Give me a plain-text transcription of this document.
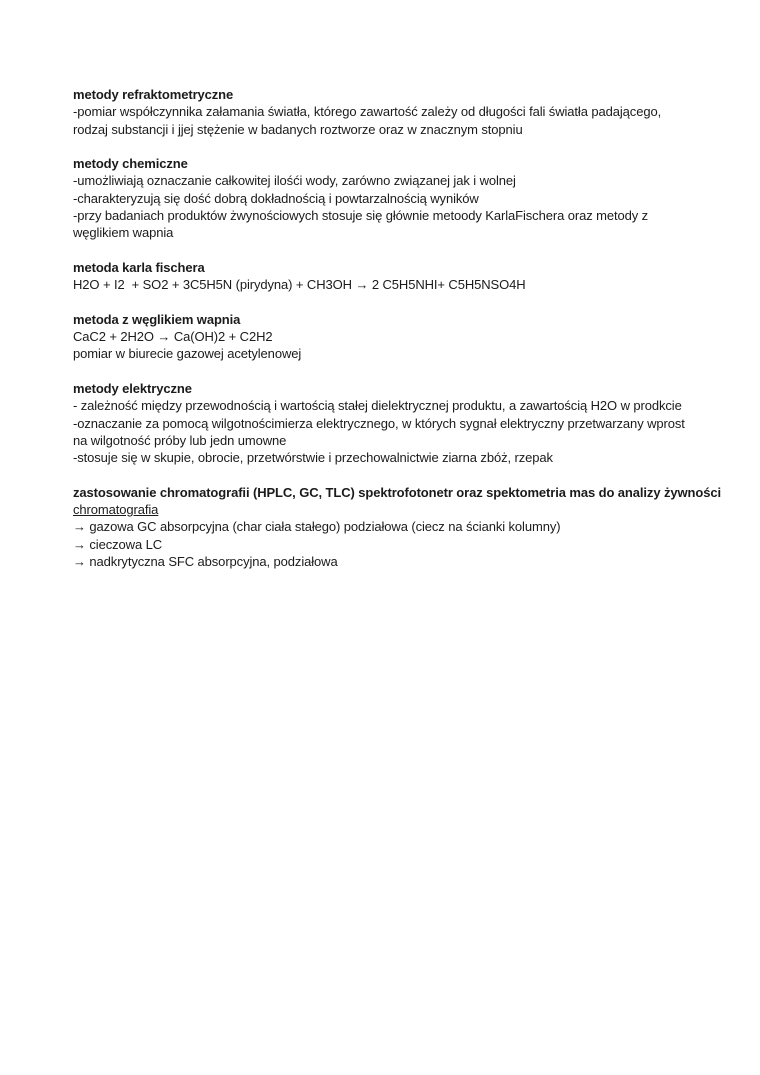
metody refraktometryczne
-pomiar współczynnika załamania światła, którego zawartość zależy od długości fali światła padającego,
rodzaj substancji i jjej stężenie w badanych roztworze oraz w znacznym stopniu
metody chemiczne
-umożliwiają oznaczanie całkowitej ilośći wody, zarówno związanej jak i wolnej
-charakteryzują się dość dobrą dokładnością i powtarzalnością wyników
-przy badaniach produktów żwynościowych stosuje się głównie metoody KarlaFischera oraz metody z
węglikiem wapnia
metoda karla fischera
H2O + I2  + SO2 + 3C5H5N (pirydyna) + CH3OH → 2 C5H5NHI+ C5H5NSO4H
metoda z węglikiem wapnia
CaC2 + 2H2O → Ca(OH)2 + C2H2
pomiar w biurecie gazowej acetylenowej
metody elektryczne
- zależność między przewodnością i wartością stałej dielektrycznej produktu, a zawartością H2O w prodkcie
-oznaczanie za pomocą wilgotnościmierza elektrycznego, w których sygnał elektryczny przetwarzany wprost
na wilgotność próby lub jedn umowne
-stosuje się w skupie, obrocie, przetwórstwie i przechowalnictwie ziarna zbóż, rzepak
zastosowanie chromatografii (HPLC, GC, TLC) spektrofotonetr oraz spektometria mas do analizy żywności
chromatografia
→ gazowa GC absorpcyjna (char ciała stałego) podziałowa (ciecz na ścianki kolumny)
→ cieczowa LC
→ nadkrytyczna SFC absorpcyjna, podziałowa
